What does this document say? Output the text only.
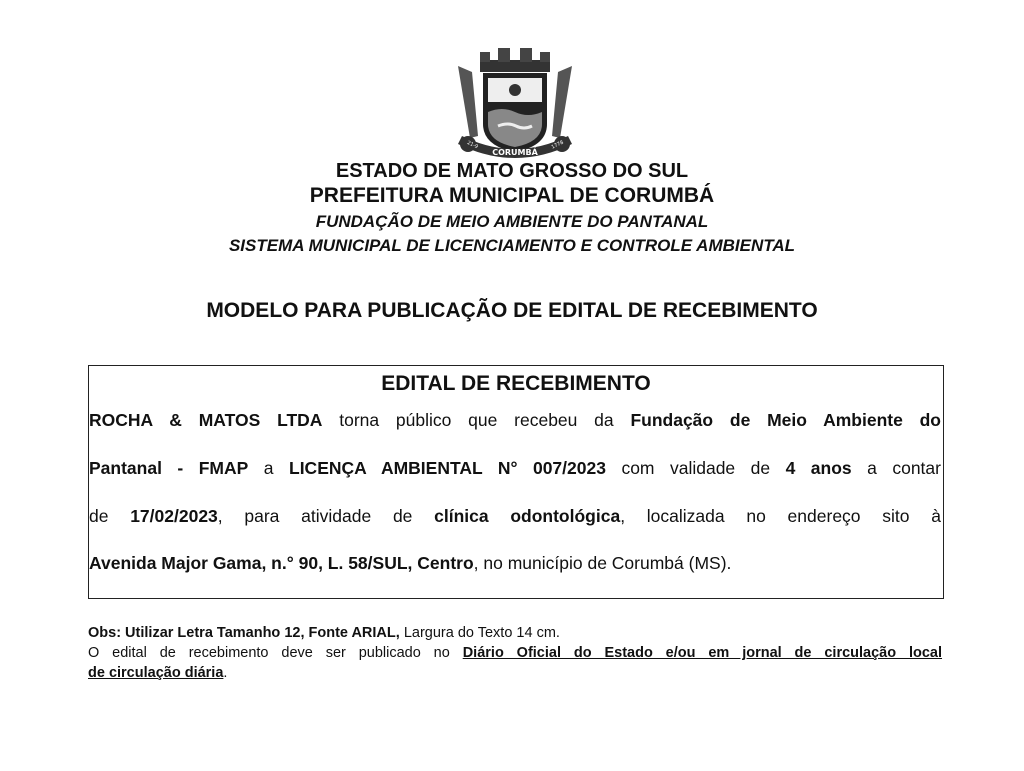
CORUMBÁ
21-9	1778
ESTADO DE MATO GROSSO DO SUL
PREFEITURA MUNICIPAL DE CORUMBÁ
FUNDAÇÃO DE MEIO AMBIENTE DO PANTANAL
SISTEMA MUNICIPAL DE LICENCIAMENTO E CONTROLE AMBIENTAL
MODELO PARA PUBLICAÇÃO DE EDITAL DE RECEBIMENTO
EDITAL DE RECEBIMENTO
ROCHA & MATOS LTDA torna público que recebeu da Fundação de Meio Ambiente do
Pantanal - FMAP a LICENÇA AMBIENTAL N° 007/2023 com validade de 4 anos a contar
de 17/02/2023, para atividade de clínica odontológica, localizada no endereço sito à
Avenida Major Gama, n.° 90, L. 58/SUL, Centro, no município de Corumbá (MS).
Obs: Utilizar Letra Tamanho 12, Fonte ARIAL, Largura do Texto 14 cm.
O edital de recebimento deve ser publicado no Diário Oficial do Estado e/ou em jornal de circulação local
de circulação diária.
